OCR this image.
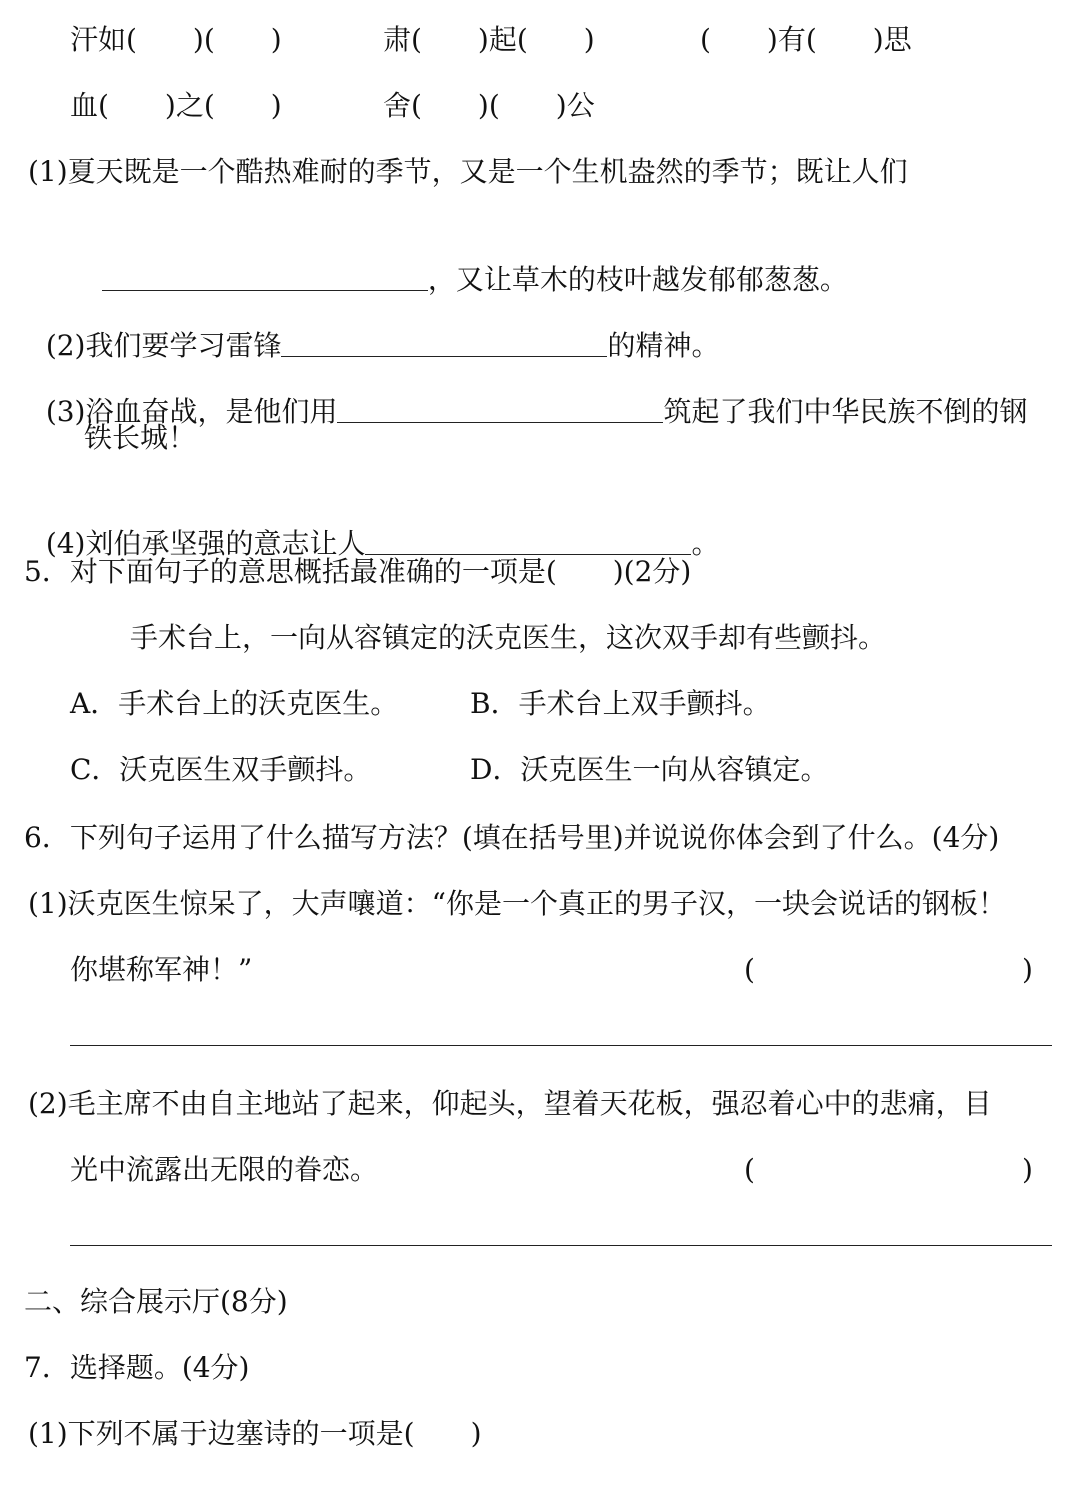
汗如(　　)(　　)	肃(　　)起(　　)	(　　)有(　　)思
血(　　)之(　　)	舍(　　)(　　)公
(1)夏天既是一个酷热难耐的季节，又是一个生机盎然的季节；既让人们

，又让草木的枝叶越发郁郁葱葱。

(2)我们要学习雷锋	的精神。

(3)浴血奋战，是他们用	筑起了我们中华民族不倒的钢

铁长城！

(4)刘伯承坚强的意志让人	。

5．对下面句子的意思概括最准确的一项是(　　)(2分)
手术台上，一向从容镇定的沃克医生，这次双手却有些颤抖。
A．手术台上的沃克医生。	B．手术台上双手颤抖。
C．沃克医生双手颤抖。	D．沃克医生一向从容镇定。
6．下列句子运用了什么描写方法？(填在括号里)并说说你体会到了什么。(4分)
(1)沃克医生惊呆了，大声嚷道：“你是一个真正的男子汉，一块会说话的钢板！
你堪称军神！”	(	)
(2)毛主席不由自主地站了起来，仰起头，望着天花板，强忍着心中的悲痛，目
光中流露出无限的眷恋。	(	)
二、综合展示厅(8分)
7．选择题。(4分)
(1)下列不属于边塞诗的一项是(　　)
